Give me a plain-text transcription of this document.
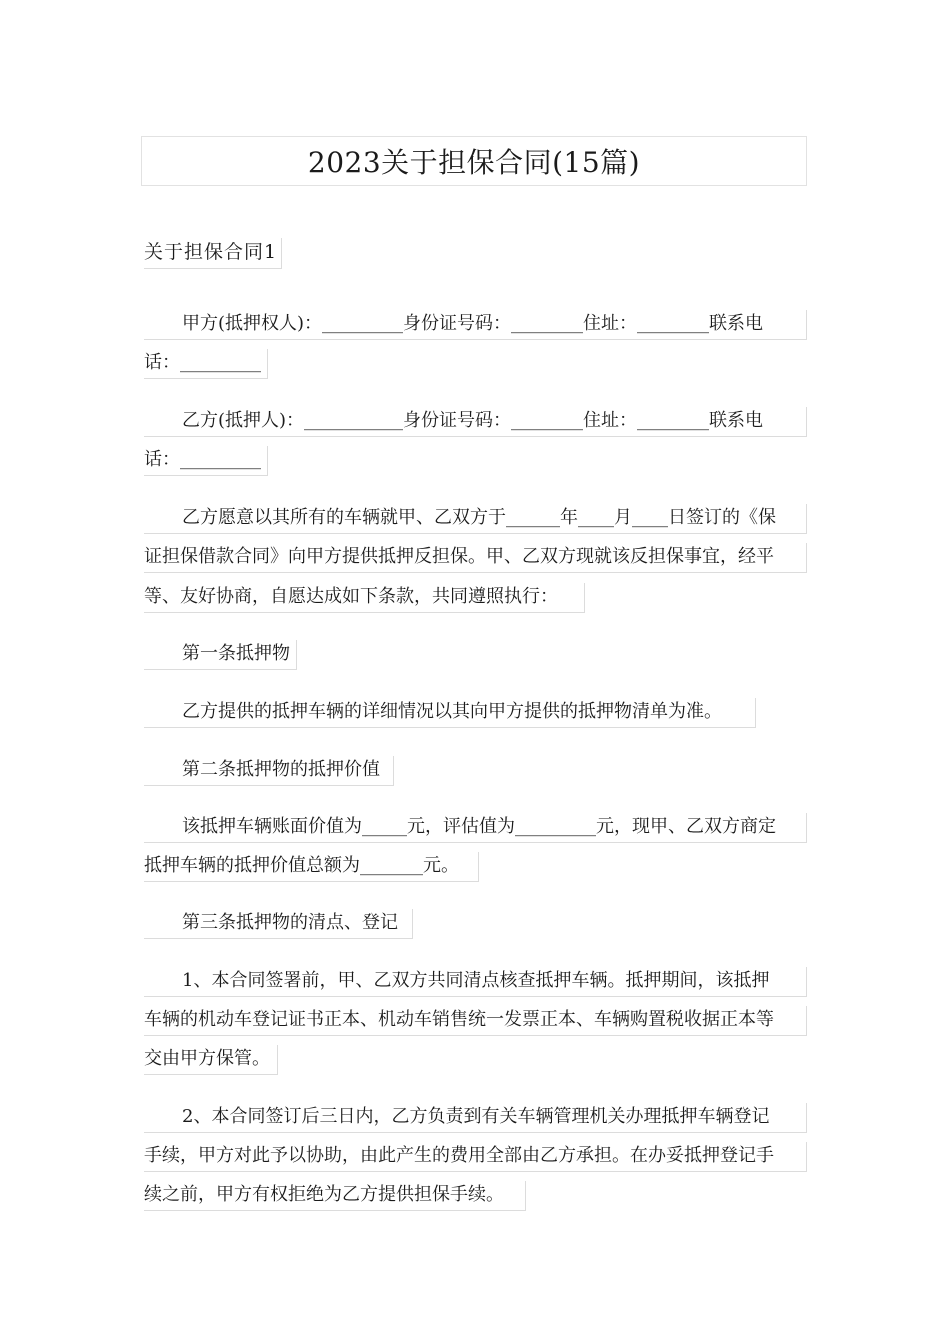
2023关于担保合同(15篇)
关于担保合同1
甲方(抵押权人)：_________身份证号码：________住址：________联系电
话：_________
乙方(抵押人)：___________身份证号码：________住址：________联系电
话：_________
乙方愿意以其所有的车辆就甲、乙双方于______年____月____日签订的《保
证担保借款合同》向甲方提供抵押反担保。甲、乙双方现就该反担保事宜，经平
等、友好协商，自愿达成如下条款，共同遵照执行：
第一条抵押物
乙方提供的抵押车辆的详细情况以其向甲方提供的抵押物清单为准。
第二条抵押物的抵押价值
该抵押车辆账面价值为_____元，评估值为_________元，现甲、乙双方商定
抵押车辆的抵押价值总额为_______元。
第三条抵押物的清点、登记
1、本合同签署前，甲、乙双方共同清点核查抵押车辆。抵押期间，该抵押
车辆的机动车登记证书正本、机动车销售统一发票正本、车辆购置税收据正本等
交由甲方保管。
2、本合同签订后三日内，乙方负责到有关车辆管理机关办理抵押车辆登记
手续，甲方对此予以协助，由此产生的费用全部由乙方承担。在办妥抵押登记手
续之前，甲方有权拒绝为乙方提供担保手续。
